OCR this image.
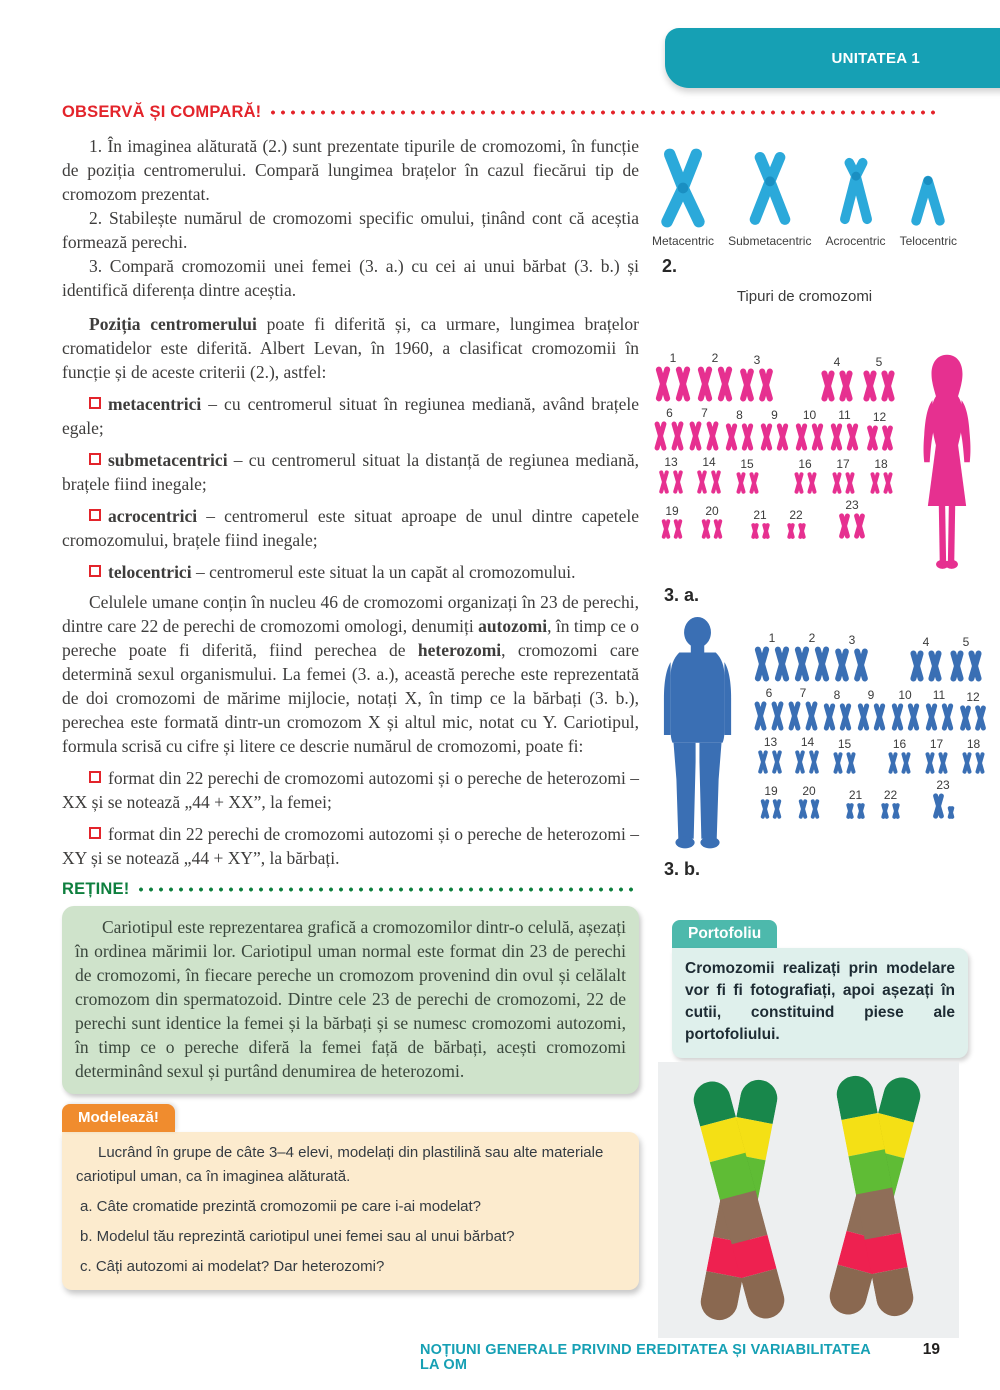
UNITATEA 1
OBSERVĂ ȘI COMPARĂ!

1. În imaginea alăturată (2.) sunt prezentate tipurile de cromozomi, în funcție de poziția centromerului. Compară lungimea brațelor în cazul fiecărui tip de cromozom prezentat.

2. Stabilește numărul de cromozomi specific omului, ținând cont că aceștia formează perechi.

3. Compară cromozomii unei femei (3. a.) cu cei ai unui bărbat (3. b.) și identifică diferența dintre aceștia.

Poziția centromerului poate fi diferită și, ca urmare, lungimea brațelor cromatidelor este diferită. Albert Levan, în 1960, a clasificat cromozomii în funcție și de aceste criterii (2.), astfel:

metacentrici – cu centromerul situat în regiunea mediană, având brațele egale;

submetacentrici – cu centromerul situat la distanță de regiunea mediană, brațele fiind inegale;

acrocentrici – centromerul este situat aproape de unul dintre capetele cromozomului, brațele fiind inegale;

telocentrici – centromerul este situat la un capăt al cromozomului.

Celulele umane conțin în nucleu 46 de cromozomi organizați în 23 de perechi, dintre care 22 de perechi de cromozomi omologi, denumiți autozomi, în timp ce o pereche poate fi diferită, fiind perechea de heterozomi, cromozomi care determină sexul organismului. La femei (3. a.), această pereche este reprezentată de doi cromozomi de mărime mijlocie, notați X, în timp ce la bărbați (3. b.), perechea este formată dintr-un cromozom X și altul mic, notat cu Y. Cariotipul, formula scrisă cu cifre și litere ce descrie numărul de cromozomi, poate fi:

format din 22 perechi de cromozomi autozomi și o pereche de heterozomi – XX și se notează „44 + XX”, la femei;

format din 22 perechi de cromozomi autozomi și o pereche de heterozomi – XY și se notează „44 + XY”, la bărbați.

REȚINE!
Cariotipul este reprezentarea grafică a cromozomilor dintr-o celulă, așezați în ordinea mărimii lor. Cariotipul uman normal este format din 23 de perechi de cromozomi, în fiecare pereche un cromozom provenind din ovul și celălalt cromozom din spermatozoid. Dintre cele 23 de perechi de cromozomi, 22 de perechi sunt identice la femei și la bărbați și se numesc cromozomi autozomi, în timp ce o pereche diferă la femei față de bărbați, acești cromozomi determinând sexul și purtând denumirea de heterozomi.
Modelează!

Lucrând în grupe de câte 3–4 elevi, modelați din plastilină sau alte materiale cariotipul uman, ca în imaginea alăturată.

a. Câte cromatide prezintă cromozomii pe care i-ai modelat?

b. Modelul tău reprezintă cariotipul unei femei sau al unui bărbat?

c. Câți autozomi ai modelat? Dar heterozomi?

Metacentric Submetacentric Acrocentric Telocentric
2.
Tipuri de cromozomi
1	2	3	4	5
6 7 8 9 10 11 12
13 14 15	16 17 18
19 20	21 22
23
3. a.
1	2	3	4	5
6 7 8 9 10 11 12
13 14 15	16 17 18
19 20	21 22
23
3. b.
Portofoliu
Cromozomii realizați prin modelare vor fi fi fotografiați, apoi așezați în cutii, constituind piese ale portofoliului.
NOȚIUNI GENERALE PRIVIND EREDITATEA ȘI VARIABILITATEA LA OM
19
